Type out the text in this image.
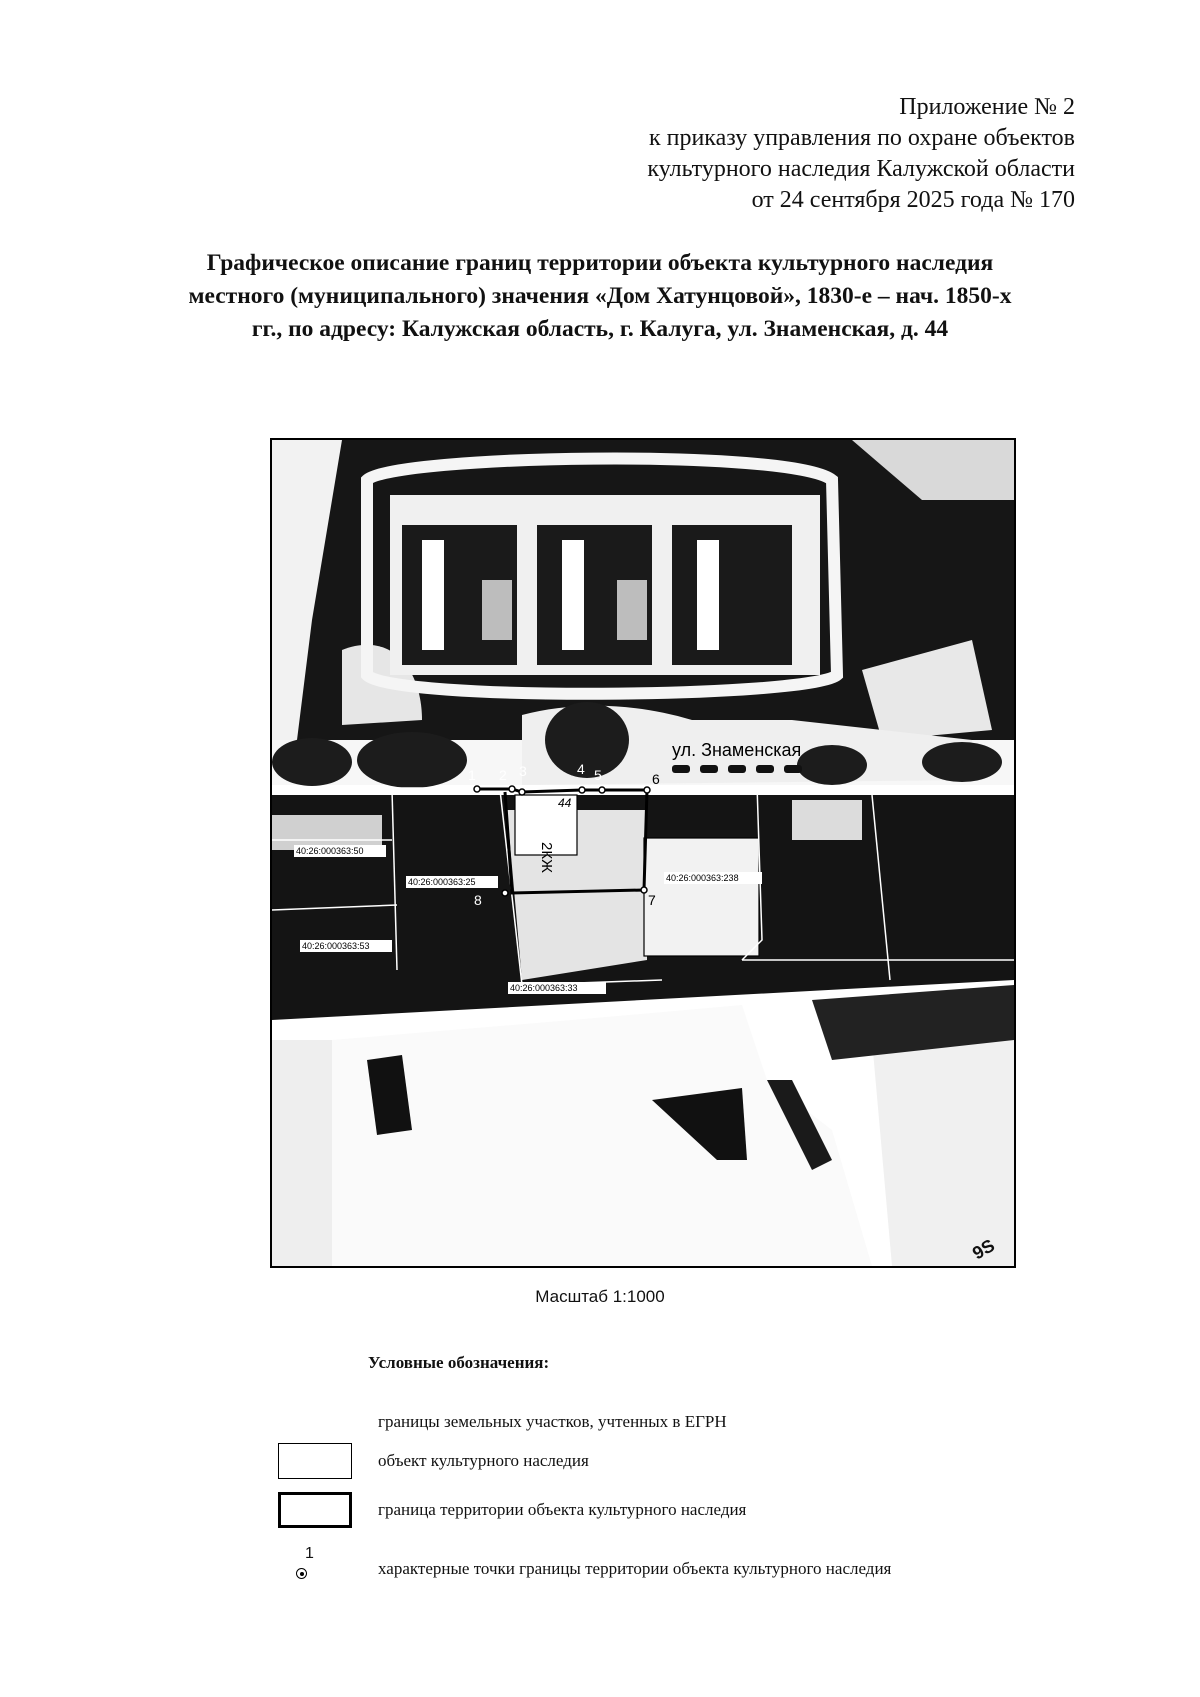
Приложение № 2
к приказу управления по охране объектов
культурного наследия Калужской области
от 24 сентября 2025 года № 170
Графическое описание границ территории объекта культурного наследия
местного (муниципального) значения «Дом Хатунцовой», 1830-е – нач. 1850-х
гг., по адресу: Калужская область, г. Калуга, ул. Знаменская, д. 44
ул. Знаменская
44
2КЖ
1 2 3	4 5	6
7
8
40:26:000363:50
40:26:000363:25
40:26:000363:53
40:26:000363:33
40:26:000363:238
9S
Масштаб 1:1000
Условные обозначения:
границы земельных участков, учтенных в ЕГРН
объект культурного наследия
граница территории объекта культурного наследия
1
характерные точки границы территории объекта культурного наследия
